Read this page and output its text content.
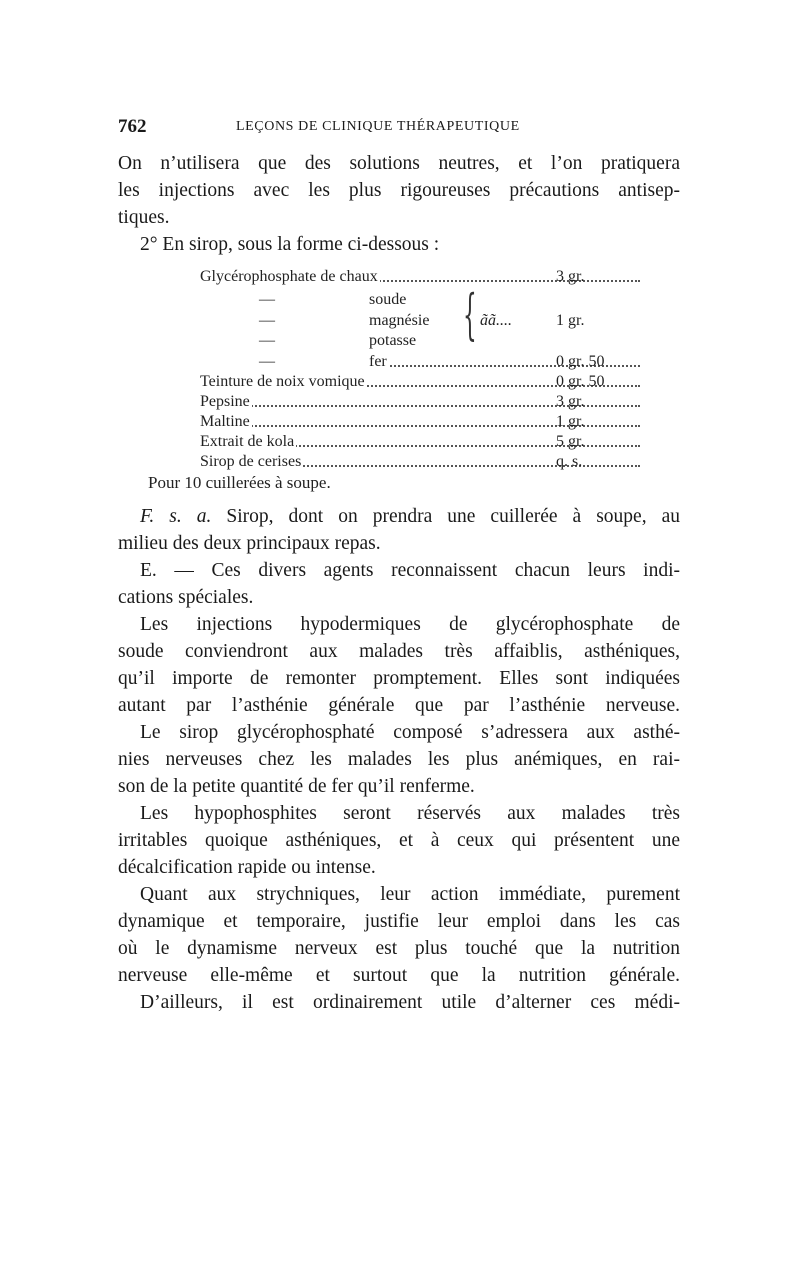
762	LEÇONS DE CLINIQUE THÉRAPEUTIQUE
On n’utilisera que des solutions neutres, et l’on pratiquera
les injections avec les plus rigoureuses précautions antisep-
tiques.
2° En sirop, sous la forme ci-dessous :
Glycérophosphate de chaux	3 gr.
—	soude
—	magnésie { ãã....	1 gr.
—	potasse
—	fer	0 gr. 50
Teinture de noix vomique	0 gr. 50
Pepsine	3 gr.
Maltine	1 gr.
Extrait de kola	5 gr.
Sirop de cerises	q. s.
Pour 10 cuillerées à soupe.
F. s. a. Sirop, dont on prendra une cuillerée à soupe, au
milieu des deux principaux repas.
E. — Ces divers agents reconnaissent chacun leurs indi-
cations spéciales.
Les injections hypodermiques de glycérophosphate de
soude conviendront aux malades très affaiblis, asthéniques,
qu’il importe de remonter promptement. Elles sont indiquées
autant par l’asthénie générale que par l’asthénie nerveuse.
Le sirop glycérophosphaté composé s’adressera aux asthé-
nies nerveuses chez les malades les plus anémiques, en rai-
son de la petite quantité de fer qu’il renferme.
Les hypophosphites seront réservés aux malades très
irritables quoique asthéniques, et à ceux qui présentent une
décalcification rapide ou intense.
Quant aux strychniques, leur action immédiate, purement
dynamique et temporaire, justifie leur emploi dans les cas
où le dynamisme nerveux est plus touché que la nutrition
nerveuse elle-même et surtout que la nutrition générale.
D’ailleurs, il est ordinairement utile d’alterner ces médi-
